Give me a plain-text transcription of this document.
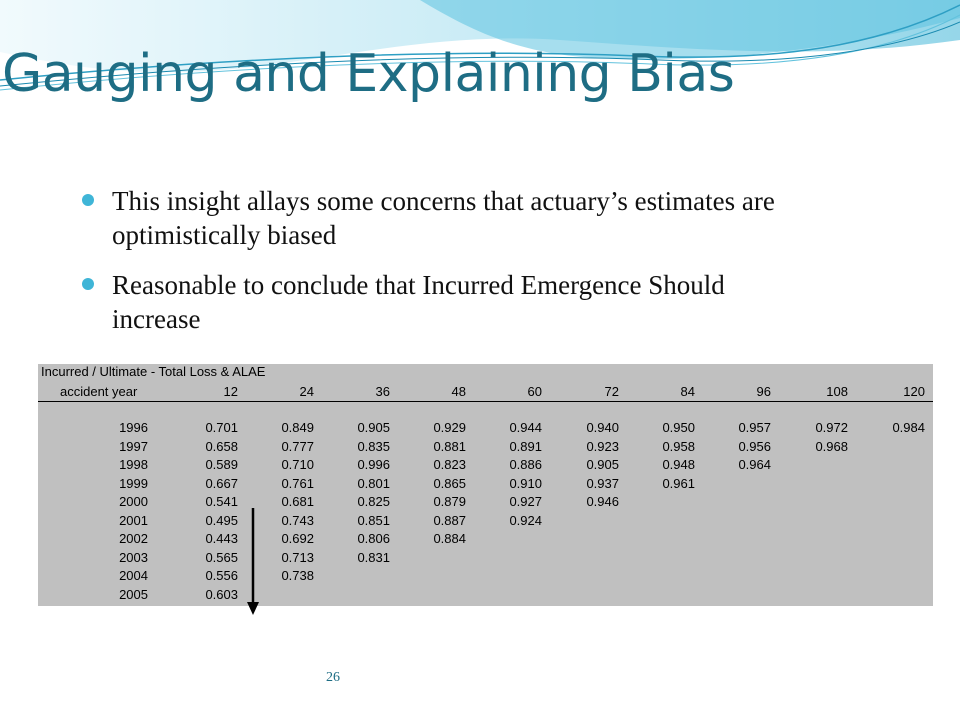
Gauging and Explaining Bias
This insight allays some concerns that actuary’s estimates are optimistically biased
Reasonable to conclude that Incurred Emergence Should increase
Incurred / Ultimate - Total Loss & ALAE
accident year	12	24	36	48	60	72	84	96	108	120
1996	0.701	0.849	0.905	0.929	0.944	0.940	0.950	0.957	0.972	0.984
1997	0.658	0.777	0.835	0.881	0.891	0.923	0.958	0.956	0.968
1998	0.589	0.710	0.996	0.823	0.886	0.905	0.948	0.964
1999	0.667	0.761	0.801	0.865	0.910	0.937	0.961
2000	0.541	0.681	0.825	0.879	0.927	0.946
2001	0.495	0.743	0.851	0.887	0.924
2002	0.443	0.692	0.806	0.884
2003	0.565	0.713	0.831
2004	0.556	0.738
2005	0.603
26
